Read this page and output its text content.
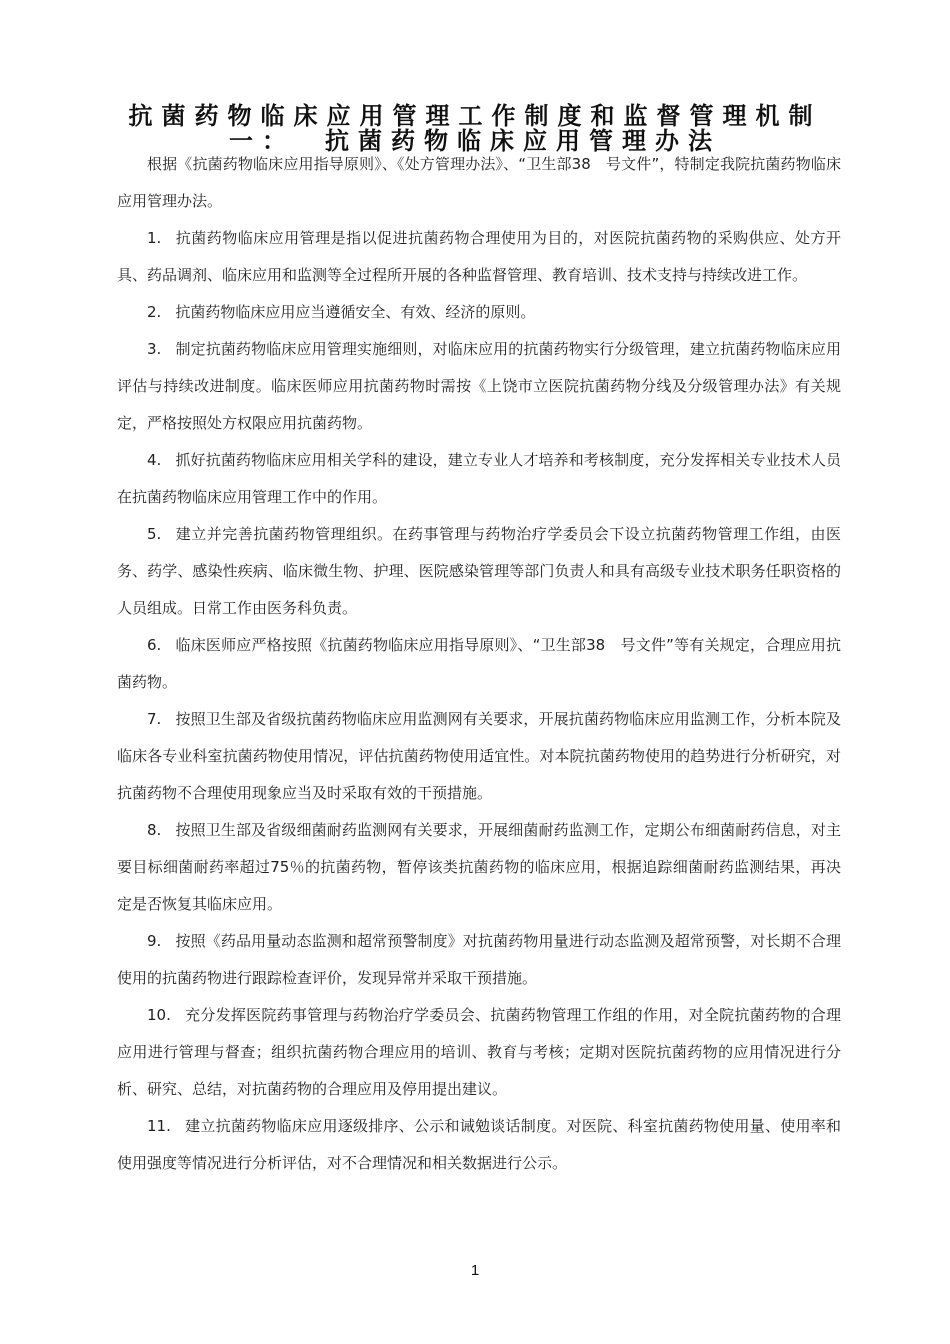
抗菌药物临床应用管理工作制度和监督管理机制
一： 抗菌药物临床应用管理办法

根据《抗菌药物临床应用指导原则》、《处方管理办法》、“卫生部38　号文件”，特制定我院抗菌药物临床应用管理办法。

1. 抗菌药物临床应用管理是指以促进抗菌药物合理使用为目的，对医院抗菌药物的采购供应、处方开具、药品调剂、临床应用和监测等全过程所开展的各种监督管理、教育培训、技术支持与持续改进工作。

2. 抗菌药物临床应用应当遵循安全、有效、经济的原则。

3. 制定抗菌药物临床应用管理实施细则，对临床应用的抗菌药物实行分级管理，建立抗菌药物临床应用评估与持续改进制度。临床医师应用抗菌药物时需按《上饶市立医院抗菌药物分线及分级管理办法》有关规定，严格按照处方权限应用抗菌药物。

4. 抓好抗菌药物临床应用相关学科的建设，建立专业人才培养和考核制度，充分发挥相关专业技术人员在抗菌药物临床应用管理工作中的作用。

5. 建立并完善抗菌药物管理组织。在药事管理与药物治疗学委员会下设立抗菌药物管理工作组，由医务、药学、感染性疾病、临床微生物、护理、医院感染管理等部门负责人和具有高级专业技术职务任职资格的人员组成。日常工作由医务科负责。

6. 临床医师应严格按照《抗菌药物临床应用指导原则》、“卫生部38　号文件”等有关规定，合理应用抗菌药物。

7. 按照卫生部及省级抗菌药物临床应用监测网有关要求，开展抗菌药物临床应用监测工作，分析本院及临床各专业科室抗菌药物使用情况，评估抗菌药物使用适宜性。对本院抗菌药物使用的趋势进行分析研究，对抗菌药物不合理使用现象应当及时采取有效的干预措施。

8. 按照卫生部及省级细菌耐药监测网有关要求，开展细菌耐药监测工作，定期公布细菌耐药信息，对主要目标细菌耐药率超过75％的抗菌药物，暂停该类抗菌药物的临床应用，根据追踪细菌耐药监测结果，再决定是否恢复其临床应用。

9. 按照《药品用量动态监测和超常预警制度》对抗菌药物用量进行动态监测及超常预警，对长期不合理使用的抗菌药物进行跟踪检查评价，发现异常并采取干预措施。

10. 充分发挥医院药事管理与药物治疗学委员会、抗菌药物管理工作组的作用，对全院抗菌药物的合理应用进行管理与督查；组织抗菌药物合理应用的培训、教育与考核；定期对医院抗菌药物的应用情况进行分析、研究、总结，对抗菌药物的合理应用及停用提出建议。

11. 建立抗菌药物临床应用逐级排序、公示和诫勉谈话制度。对医院、科室抗菌药物使用量、使用率和使用强度等情况进行分析评估，对不合理情况和相关数据进行公示。

1
